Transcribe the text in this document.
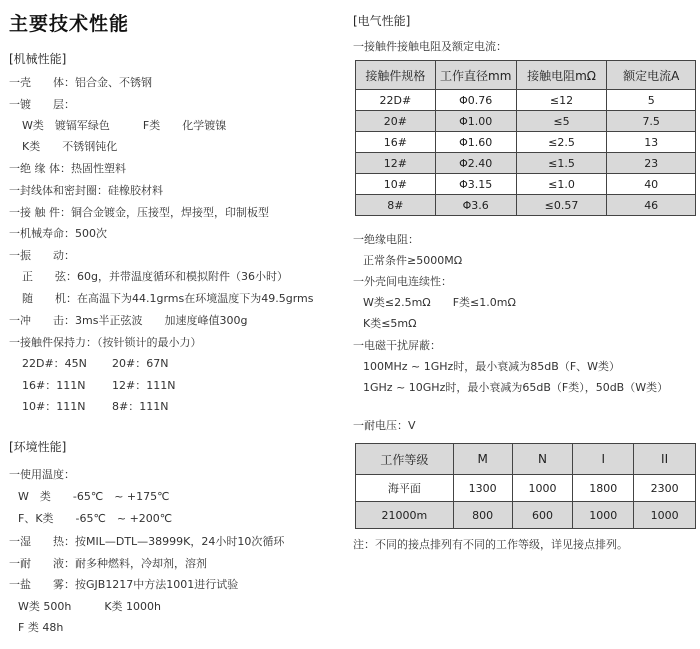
主要技术性能
[机械性能]
一壳　　体：铝合金、不锈钢
一镀　　层：
W类　镀镉军绿色　　　F类　　化学镀镍
K类　　不锈钢钝化
一绝 缘 体：热固性塑料
一封线体和密封圈：硅橡胶材料
一接 触 件：铜合金镀金，压接型，焊接型，印制板型
一机械寿命：500次
一振　　动：
正　　弦：60g，并带温度循环和模拟附件（36小时）
随　　机：在高温下为44.1grms在环境温度下为49.5grms
一冲　　击：3ms半正弦波　　加速度峰值300g
一接触件保持力：（按针锁计的最小力）
22D#：45N 20#：67N
16#：111N 12#：111N
10#：111N 8#：111N
[环境性能]
一使用温度：
W　类　　-65℃　~ +175℃
F、K类　　-65℃　~ +200℃
一湿　　热：按MIL—DTL—38999K，24小时10次循环
一耐　　液：耐多种燃料，冷却剂，溶剂
一盐　　雾：按GJB1217中方法1001进行试验
W类 500h　　　K类 1000h
F 类 48h
[电气性能]
一接触件接触电阻及额定电流：
接触件规格	工作直径mm	接触电阻mΩ	额定电流A
22D#	Φ0.76	≤12	5
20#	Φ1.00	≤5	7.5
16#	Φ1.60	≤2.5	13
12#	Φ2.40	≤1.5	23
10#	Φ3.15	≤1.0	40
8#	Φ3.6	≤0.57	46
一绝缘电阻：
正常条件≥5000MΩ
一外壳间电连续性：
W类≤2.5mΩ　　F类≤1.0mΩ
K类≤5mΩ
一电磁干扰屏蔽：
100MHz ~ 1GHz时，最小衰减为85dB（F、W类）
1GHz ~ 10GHz时，最小衰减为65dB（F类），50dB（W类）
一耐电压：V
工作等级	M	N	I	II
海平面	1300	1000	1800	2300
21000m	800	600	1000	1000
注：不同的接点排列有不同的工作等级，详见接点排列。
